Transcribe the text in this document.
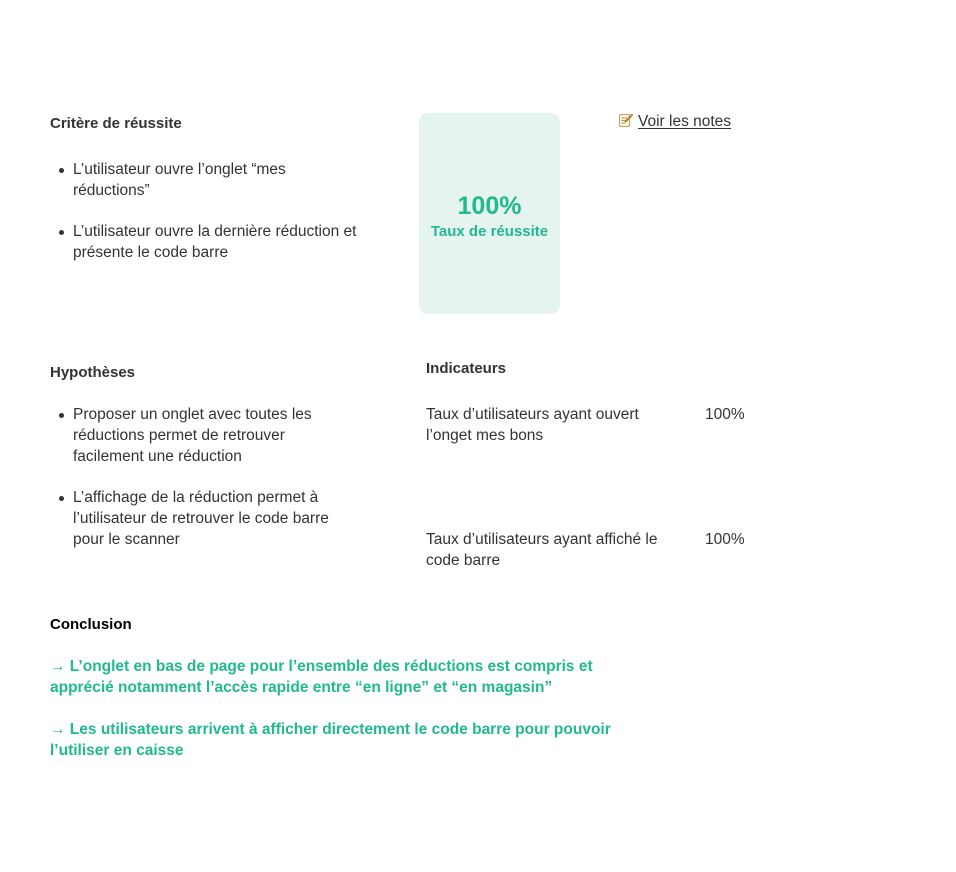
Critère de réussite
L’utilisateur ouvre l’onglet “mes réductions”
L’utilisateur ouvre la dernière réduction et présente le code barre
100%
Taux de réussite
Voir les notes
Hypothèses
Proposer un onglet avec toutes les réductions permet de retrouver facilement une réduction
L’affichage de la réduction permet à l’utilisateur de retrouver le code barre pour le scanner
Indicateurs
Taux d’utilisateurs ayant ouvert l’onget mes bons
100%
Taux d’utilisateurs ayant affiché le code barre
100%
Conclusion

→ L’onglet en bas de page pour l’ensemble des réductions est compris et apprécié notamment l’accès rapide entre “en ligne” et “en magasin”

→ Les utilisateurs arrivent à afficher directement le code barre pour pouvoir l’utiliser en caisse
